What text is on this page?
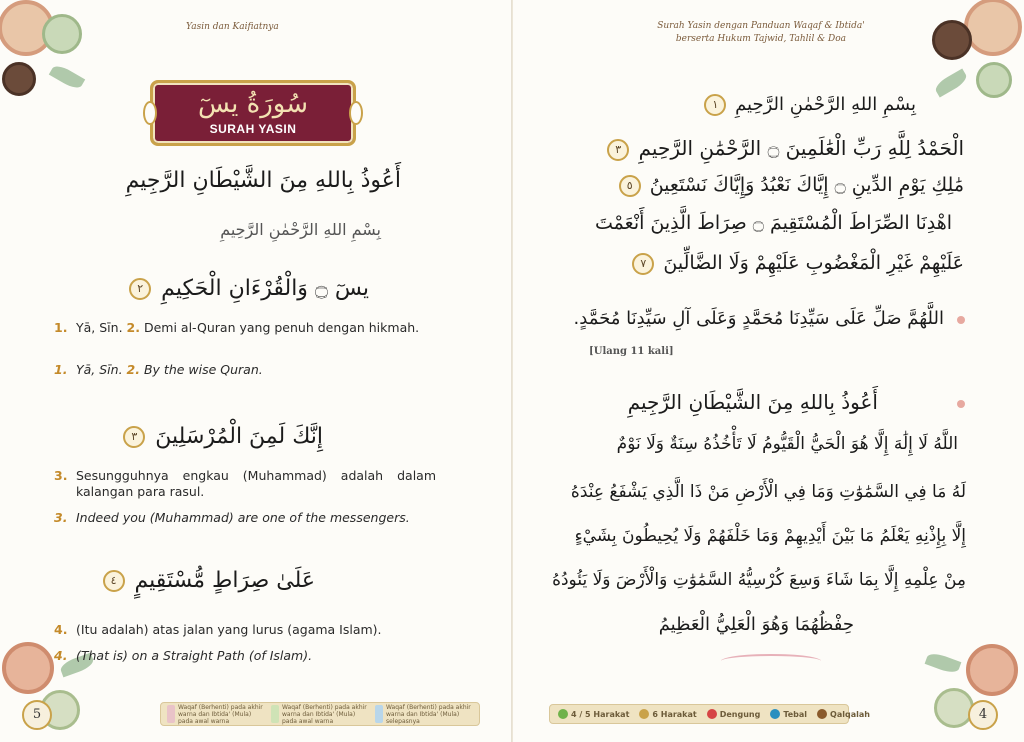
Yasin dan Kaifiatnya
سُورَةُ يسٓ
SURAH YASIN
أَعُوذُ بِاللهِ مِنَ الشَّيْطَانِ الرَّجِيمِ
بِسْمِ اللهِ الرَّحْمٰنِ الرَّحِيمِ
يسٓ ۝ وَالْقُرْءَانِ الْحَكِيمِ ٢
1. Yā, Sīn. 2. Demi al-Quran yang penuh dengan hikmah.
1. Yā, Sīn. 2. By the wise Quran.
إِنَّكَ لَمِنَ الْمُرْسَلِينَ ٣
3. Sesungguhnya engkau (Muhammad) adalah dalam kalangan para rasul.
3. Indeed you (Muhammad) are one of the messengers.
عَلَىٰ صِرَاطٍ مُّسْتَقِيمٍ ٤
4. (Itu adalah) atas jalan yang lurus (agama Islam).
4. (That is) on a Straight Path (of Islam).
5	Waqaf (Berhenti) pada akhir warna dan Ibtida' (Mula) pada awal warna
Waqaf (Berhenti) pada akhir warna dan Ibtida' (Mula) pada awal warna
Waqaf (Berhenti) pada akhir warna dan Ibtida' (Mula) selepasnya
Surah Yasin dengan Panduan Waqaf & Ibtida'
berserta Hukum Tajwid, Tahlil & Doa
بِسْمِ اللهِ الرَّحْمٰنِ الرَّحِيمِ ١
الْحَمْدُ لِلَّهِ رَبِّ الْعَٰلَمِينَ ۝ الرَّحْمَٰنِ الرَّحِيمِ ٣
مَٰلِكِ يَوْمِ الدِّينِ ۝ إِيَّاكَ نَعْبُدُ وَإِيَّاكَ نَسْتَعِينُ ٥
اهْدِنَا الصِّرَاطَ الْمُسْتَقِيمَ ۝ صِرَاطَ الَّذِينَ أَنْعَمْتَ
عَلَيْهِمْ غَيْرِ الْمَغْضُوبِ عَلَيْهِمْ وَلَا الضَّالِّينَ ٧
اللَّهُمَّ صَلِّ عَلَى سَيِّدِنَا مُحَمَّدٍ وَعَلَى آلِ سَيِّدِنَا مُحَمَّدٍ.
[Ulang 11 kali]
أَعُوذُ بِاللهِ مِنَ الشَّيْطَانِ الرَّجِيمِ
اللَّهُ لَا إِلَٰهَ إِلَّا هُوَ الْحَيُّ الْقَيُّومُ لَا تَأْخُذُهُ سِنَةٌ وَلَا نَوْمٌ
لَهُ مَا فِي السَّمَٰوَٰتِ وَمَا فِي الْأَرْضِ مَنْ ذَا الَّذِي يَشْفَعُ عِنْدَهُ
إِلَّا بِإِذْنِهِ يَعْلَمُ مَا بَيْنَ أَيْدِيهِمْ وَمَا خَلْفَهُمْ وَلَا يُحِيطُونَ بِشَيْءٍ
مِنْ عِلْمِهِ إِلَّا بِمَا شَاءَ وَسِعَ كُرْسِيُّهُ السَّمَٰوَٰتِ وَالْأَرْضَ وَلَا يَئُودُهُ
حِفْظُهُمَا وَهُوَ الْعَلِيُّ الْعَظِيمُ
4 / 5 Harakat	6 Harakat	Dengung	Tebal	Qalqalah	4
